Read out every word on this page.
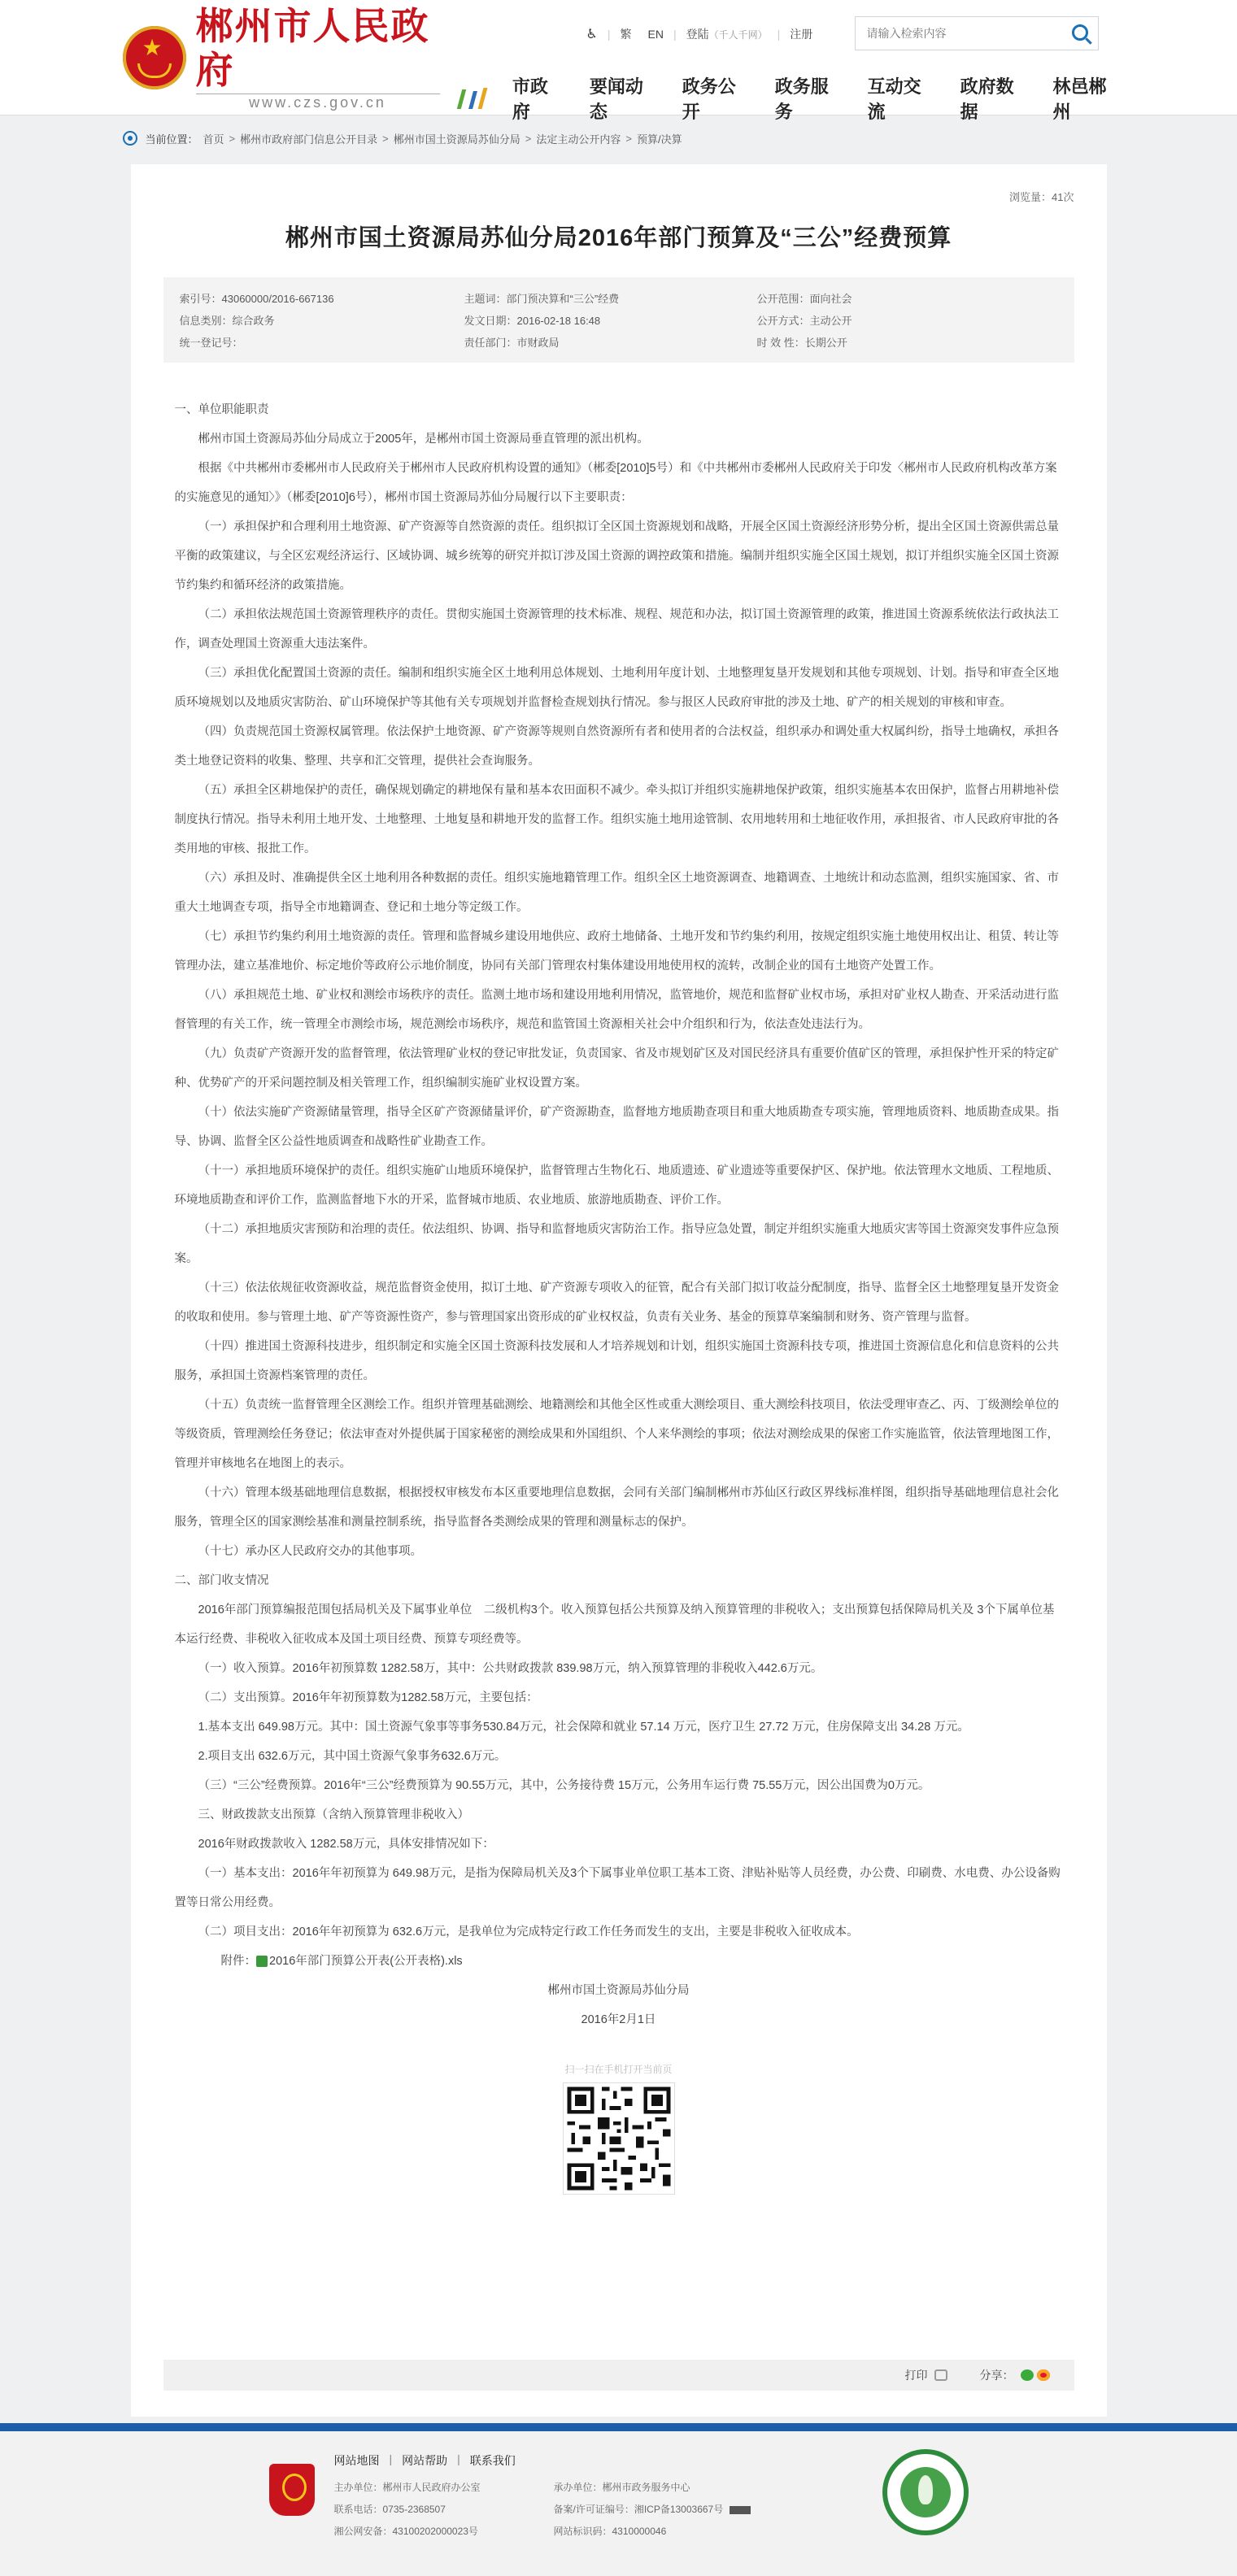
★
郴州市人民政府
www.czs.gov.cn
♿ | 繁 EN | 登陆（千人千网） | 注册
请输入检索内容
市政府
要闻动态
政务公开
政务服务
互动交流
政府数据
林邑郴州
当前位置： 首页 > 郴州市政府部门信息公开目录 > 郴州市国土资源局苏仙分局 > 法定主动公开内容 > 预算/决算
浏览量：41次
郴州市国土资源局苏仙分局2016年部门预算及“三公”经费预算
索引号：43060000/2016-667136	主题词：部门预决算和“三公”经费	公开范围：面向社会
信息类别：综合政务	发文日期：2016-02-18 16:48	公开方式：主动公开
统一登记号：	责任部门：市财政局	时 效 性：长期公开

一、单位职能职责

郴州市国土资源局苏仙分局成立于2005年，是郴州市国土资源局垂直管理的派出机构。

根据《中共郴州市委郴州市人民政府关于郴州市人民政府机构设置的通知》（郴委[2010]5号）和《中共郴州市委郴州人民政府关于印发〈郴州市人民政府机构改革方案的实施意见的通知〉》（郴委[2010]6号），郴州市国土资源局苏仙分局履行以下主要职责：

（一）承担保护和合理利用土地资源、矿产资源等自然资源的责任。组织拟订全区国土资源规划和战略，开展全区国土资源经济形势分析，提出全区国土资源供需总量平衡的政策建议，与全区宏观经济运行、区域协调、城乡统筹的研究并拟订涉及国土资源的调控政策和措施。编制并组织实施全区国土规划，拟订并组织实施全区国土资源节约集约和循环经济的政策措施。

（二）承担依法规范国土资源管理秩序的责任。贯彻实施国土资源管理的技术标准、规程、规范和办法，拟订国土资源管理的政策，推进国土资源系统依法行政执法工作，调查处理国土资源重大违法案件。

（三）承担优化配置国土资源的责任。编制和组织实施全区土地利用总体规划、土地利用年度计划、土地整理复垦开发规划和其他专项规划、计划。指导和审查全区地质环境规划以及地质灾害防治、矿山环境保护等其他有关专项规划并监督检查规划执行情况。参与报区人民政府审批的涉及土地、矿产的相关规划的审核和审查。

（四）负责规范国土资源权属管理。依法保护土地资源、矿产资源等规则自然资源所有者和使用者的合法权益，组织承办和调处重大权属纠纷，指导土地确权，承担各类土地登记资料的收集、整理、共享和汇交管理，提供社会查询服务。

（五）承担全区耕地保护的责任，确保规划确定的耕地保有量和基本农田面积不减少。牵头拟订并组织实施耕地保护政策，组织实施基本农田保护，监督占用耕地补偿制度执行情况。指导未利用土地开发、土地整理、土地复垦和耕地开发的监督工作。组织实施土地用途管制、农用地转用和土地征收作用，承担报省、市人民政府审批的各类用地的审核、报批工作。

（六）承担及时、准确提供全区土地利用各种数据的责任。组织实施地籍管理工作。组织全区土地资源调查、地籍调查、土地统计和动态监测，组织实施国家、省、市重大土地调查专项，指导全市地籍调查、登记和土地分等定级工作。

（七）承担节约集约利用土地资源的责任。管理和监督城乡建设用地供应、政府土地储备、土地开发和节约集约利用，按规定组织实施土地使用权出让、租赁、转让等管理办法，建立基准地价、标定地价等政府公示地价制度，协同有关部门管理农村集体建设用地使用权的流转，改制企业的国有土地资产处置工作。

（八）承担规范土地、矿业权和测绘市场秩序的责任。监测土地市场和建设用地利用情况，监管地价，规范和监督矿业权市场，承担对矿业权人勘查、开采活动进行监督管理的有关工作，统一管理全市测绘市场，规范测绘市场秩序，规范和监管国土资源相关社会中介组织和行为，依法查处违法行为。

（九）负责矿产资源开发的监督管理，依法管理矿业权的登记审批发证，负责国家、省及市规划矿区及对国民经济具有重要价值矿区的管理，承担保护性开采的特定矿种、优势矿产的开采问题控制及相关管理工作，组织编制实施矿业权设置方案。

（十）依法实施矿产资源储量管理，指导全区矿产资源储量评价，矿产资源勘查，监督地方地质勘查项目和重大地质勘查专项实施，管理地质资料、地质勘查成果。指导、协调、监督全区公益性地质调查和战略性矿业勘查工作。

（十一）承担地质环境保护的责任。组织实施矿山地质环境保护，监督管理古生物化石、地质遗迹、矿业遗迹等重要保护区、保护地。依法管理水文地质、工程地质、环境地质勘查和评价工作，监测监督地下水的开采，监督城市地质、农业地质、旅游地质勘查、评价工作。

（十二）承担地质灾害预防和治理的责任。依法组织、协调、指导和监督地质灾害防治工作。指导应急处置，制定并组织实施重大地质灾害等国土资源突发事件应急预案。

（十三）依法依规征收资源收益，规范监督资金使用，拟订土地、矿产资源专项收入的征管，配合有关部门拟订收益分配制度，指导、监督全区土地整理复垦开发资金的收取和使用。参与管理土地、矿产等资源性资产，参与管理国家出资形成的矿业权权益，负责有关业务、基金的预算草案编制和财务、资产管理与监督。

（十四）推进国土资源科技进步，组织制定和实施全区国土资源科技发展和人才培养规划和计划，组织实施国土资源科技专项，推进国土资源信息化和信息资料的公共服务，承担国土资源档案管理的责任。

（十五）负责统一监督管理全区测绘工作。组织并管理基础测绘、地籍测绘和其他全区性或重大测绘项目、重大测绘科技项目，依法受理审查乙、丙、丁级测绘单位的等级资质，管理测绘任务登记；依法审查对外提供属于国家秘密的测绘成果和外国组织、个人来华测绘的事项；依法对测绘成果的保密工作实施监管，依法管理地图工作，管理并审核地名在地图上的表示。

（十六）管理本级基础地理信息数据，根据授权审核发布本区重要地理信息数据，会同有关部门编制郴州市苏仙区行政区界线标准样图，组织指导基础地理信息社会化服务，管理全区的国家测绘基准和测量控制系统，指导监督各类测绘成果的管理和测量标志的保护。

（十七）承办区人民政府交办的其他事项。

二、部门收支情况

2016年部门预算编报范围包括局机关及下属事业单位　二级机构3个。收入预算包括公共预算及纳入预算管理的非税收入；支出预算包括保障局机关及 3个下属单位基本运行经费、非税收入征收成本及国土项目经费、预算专项经费等。

（一）收入预算。2016年初预算数 1282.58万，其中：公共财政拨款 839.98万元，纳入预算管理的非税收入442.6万元。

（二）支出预算。2016年年初预算数为1282.58万元，主要包括：

1.基本支出 649.98万元。其中：国土资源气象事等事务530.84万元，社会保障和就业 57.14 万元，医疗卫生 27.72 万元，住房保障支出 34.28 万元。

2.项目支出 632.6万元，其中国土资源气象事务632.6万元。

（三）“三公”经费预算。2016年“三公”经费预算为 90.55万元，其中，公务接待费 15万元，公务用车运行费 75.55万元，因公出国费为0万元。

三、财政拨款支出预算（含纳入预算管理非税收入）

2016年财政拨款收入 1282.58万元，具体安排情况如下：

（一）基本支出：2016年年初预算为 649.98万元，是指为保障局机关及3个下属事业单位职工基本工资、津贴补贴等人员经费，办公费、印刷费、水电费、办公设备购置等日常公用经费。

（二）项目支出：2016年年初预算为 632.6万元，是我单位为完成特定行政工作任务而发生的支出，主要是非税收入征收成本。

附件： 2016年部门预算公开表(公开表格).xls

郴州市国土资源局苏仙分局

2016年2月1日

扫一扫在手机打开当前页
打印	分享：
网站地图 | 网站帮助 | 联系我们
主办单位：郴州市人民政府办公室	承办单位：郴州市政务服务中心
联系电话：0735-2368507	备案/许可证编号：湘ICP备13003667号
湘公网安备：43100202000023号	网站标识码：4310000046
